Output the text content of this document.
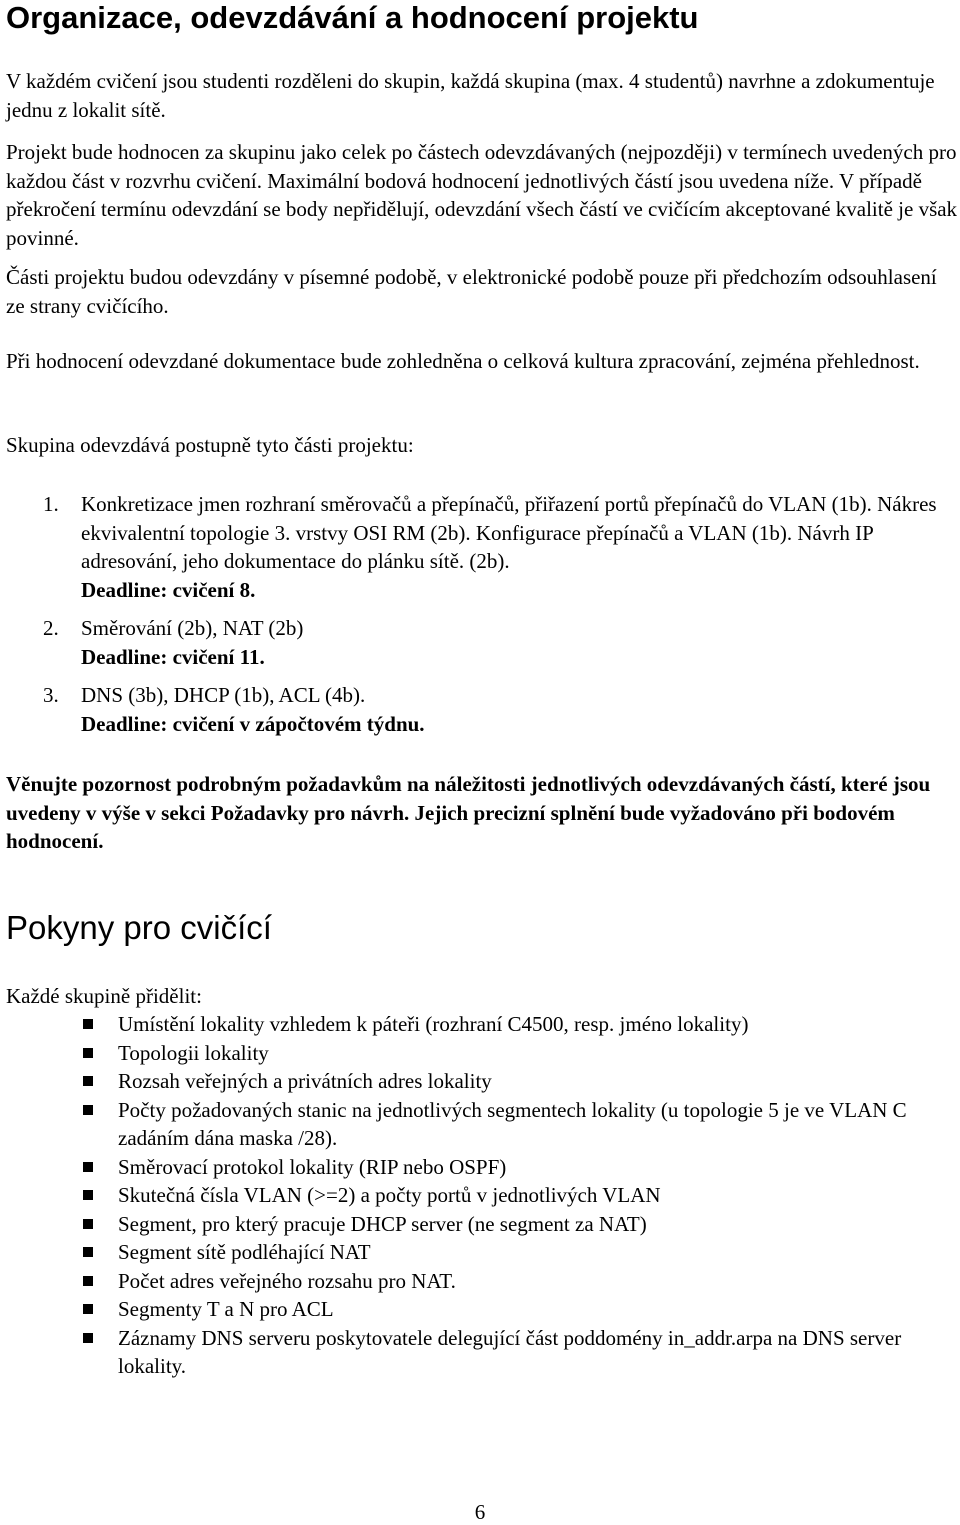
Organizace, odevzdávání a hodnocení projektu

V každém cvičení jsou studenti rozděleni do skupin, každá skupina (max. 4 studentů) navrhne a zdokumentuje jednu z lokalit sítě.

Projekt bude hodnocen za skupinu jako celek po částech odevzdávaných (nejpozději) v termínech uvedených pro každou část v rozvrhu cvičení. Maximální bodová hodnocení jednotlivých částí jsou uvedena níže. V případě překročení termínu odevzdání se body nepřidělují, odevzdání všech částí ve cvičícím akceptované kvalitě je však povinné.

Části projektu budou odevzdány v písemné podobě, v elektronické podobě pouze při předchozím odsouhlasení ze strany cvičícího.

Při hodnocení odevzdané dokumentace bude zohledněna o celková kultura zpracování, zejména přehlednost.

Skupina odevzdává postupně tyto části projektu:

1. Konkretizace jmen rozhraní směrovačů a přepínačů, přiřazení portů přepínačů do VLAN (1b). Nákres ekvivalentní topologie 3. vrstvy OSI RM (2b). Konfigurace přepínačů a VLAN (1b). Návrh IP adresování, jeho dokumentace do plánku sítě. (2b).
Deadline: cvičení 8.
2. Směrování (2b), NAT (2b)
Deadline: cvičení 11.
3. DNS (3b), DHCP (1b), ACL (4b).
Deadline: cvičení v zápočtovém týdnu.

Věnujte pozornost podrobným požadavkům na náležitosti jednotlivých odevzdávaných částí, které jsou uvedeny v výše v sekci Požadavky pro návrh. Jejich precizní splnění bude vyžadováno při bodovém hodnocení.

Pokyny pro cvičící

Každé skupině přidělit:

Umístění lokality vzhledem k páteři (rozhraní C4500, resp. jméno lokality)
Topologii lokality
Rozsah veřejných a privátních adres lokality
Počty požadovaných stanic na jednotlivých segmentech lokality (u topologie 5 je ve VLAN C zadáním dána maska /28).
Směrovací protokol lokality (RIP nebo OSPF)
Skutečná čísla VLAN (>=2) a počty portů v jednotlivých VLAN
Segment, pro který pracuje DHCP server (ne segment za NAT)
Segment sítě podléhající NAT
Počet adres veřejného rozsahu pro NAT.
Segmenty T a N pro ACL
Záznamy DNS serveru poskytovatele delegující část poddomény in_addr.arpa na DNS server lokality.
6
